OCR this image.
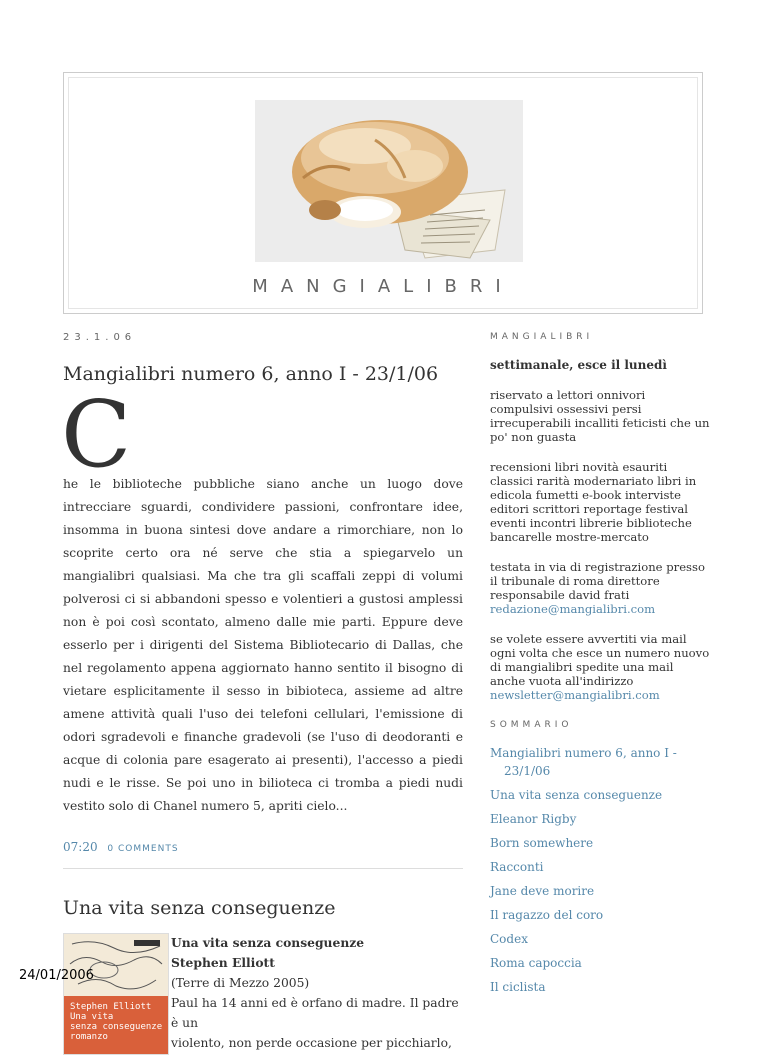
MANGIALIBRI
23.1.06
Mangialibri numero 6, anno I - 23/1/06
C

he le biblioteche pubbliche siano anche un luogo dove intrecciare sguardi, condividere passioni, confrontare idee, insomma in buona sintesi dove andare a rimorchiare, non lo scoprite certo ora né serve che stia a spiegarvelo un mangialibri qualsiasi. Ma che tra gli scaffali zeppi di volumi polverosi ci si abbandoni spesso e volentieri a gustosi amplessi non è poi così scontato, almeno dalle mie parti. Eppure deve esserlo per i dirigenti del Sistema Bibliotecario di Dallas, che nel regolamento appena aggiornato hanno sentito il bisogno di vietare esplicitamente il sesso in bibioteca, assieme ad altre amene attività quali l'uso dei telefoni cellulari, l'emissione di odori sgradevoli e finanche gradevoli (se l'uso di deodoranti e acque di colonia pare esagerato ai presenti), l'accesso a piedi nudi e le risse. Se poi uno in bilioteca ci tromba a piedi nudi vestito solo di Chanel numero 5, apriti cielo...

07:20 0 COMMENTS
Una vita senza conseguenze
Stephen Elliott
Una vita
senza conseguenze
romanzo
Una vita senza conseguenze
Stephen Elliott
(Terre di Mezzo 2005)
Paul ha 14 anni ed è orfano di madre. Il padre è un
violento, non perde occasione per picchiarlo,
MANGIALIBRI
settimanale, esce il lunedì

riservato a lettori onnivori compulsivi ossessivi persi irrecuperabili incalliti feticisti che un po' non guasta

recensioni libri novità esauriti classici rarità modernariato libri in edicola fumetti e-book interviste editori scrittori reportage festival eventi incontri librerie biblioteche bancarelle mostre-mercato

testata in via di registrazione presso il tribunale di roma direttore responsabile david frati
redazione@mangialibri.com

se volete essere avvertiti via mail ogni volta che esce un numero nuovo di mangialibri spedite una mail anche vuota all'indirizzo
newsletter@mangialibri.com

SOMMARIO
Mangialibri numero 6, anno I - 23/1/06
Una vita senza conseguenze
Eleanor Rigby
Born somewhere
Racconti
Jane deve morire
Il ragazzo del coro
Codex
Roma capoccia
Il ciclista
24/01/2006
